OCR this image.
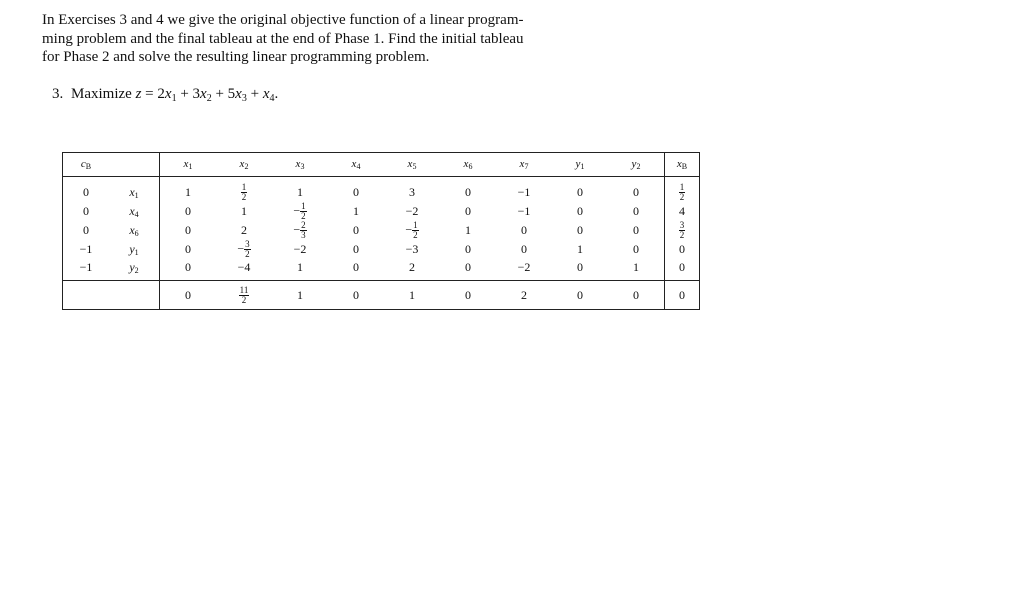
In Exercises 3 and 4 we give the original objective function of a linear program-
ming problem and the final tableau at the end of Phase 1. Find the initial tableau
for Phase 2 and solve the resulting linear programming problem.

3. Maximize $z = 2x_1 + 3x_2 + 5x_3 + x_4$.

$c_B$		$x_1$	$x_2$	$x_3$	$x_4$	$x_5$	$x_6$	$x_7$	$y_1$	$y_2$	$x_B$

0	$x_1$	1	$\frac{1}{2}$	1	0	3	0	−1	0	0	$\frac{1}{2}$

0	$x_4$	0	1	− $\frac{1}{2}$	1	−2	0	−1	0	0	4
0	$x_6$	0	2	− $\frac{2}{3}$	0	− $\frac{1}{2}$	1	0	0	0	$\frac{3}{2}$

−1	$y_1$	0	− $\frac{3}{2}$	−2	0	−3	0	0	1	0	0
−1	$y_2$	0	−4	1	0	2	0	−2	0	1	0
		0	$\frac{11}{2}$	1	0	1	0	2	0	0	0
